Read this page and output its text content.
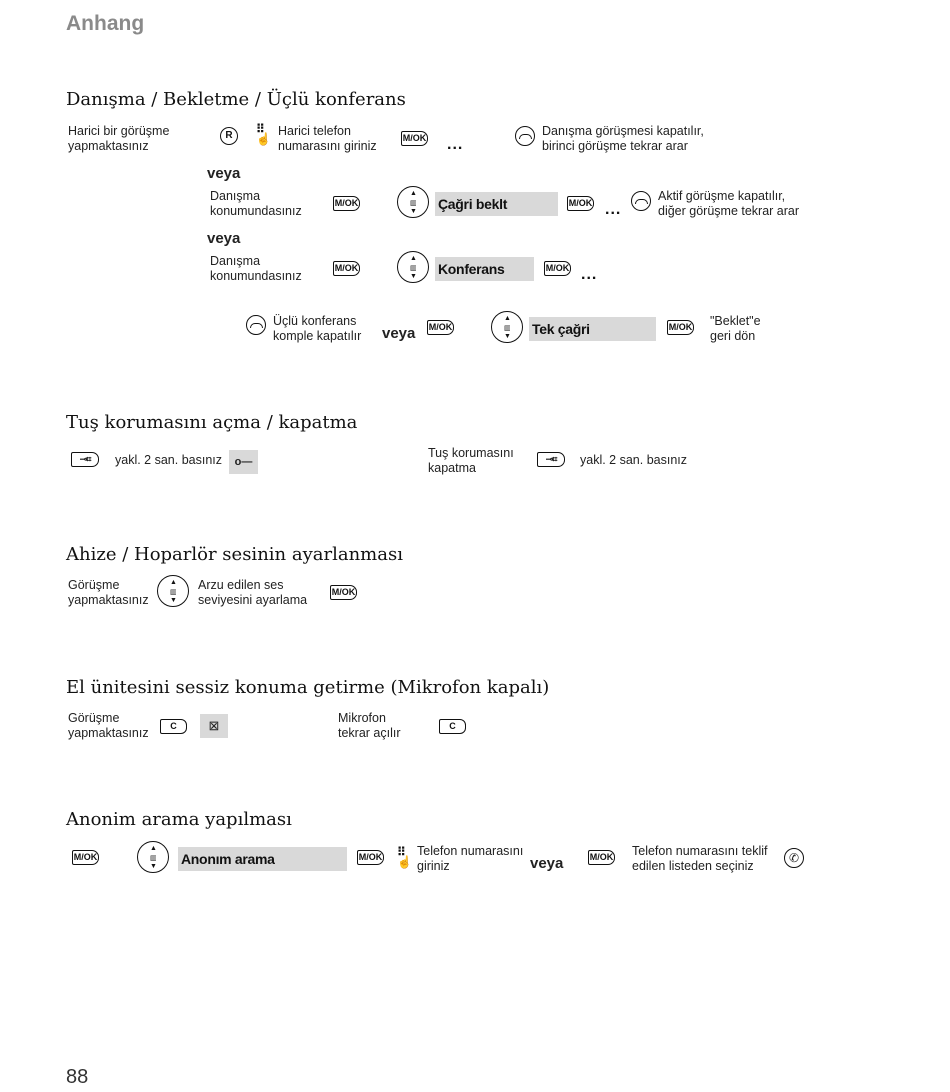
Anhang
Danışma / Bekletme / Üçlü konferans
Harici bir görüşme
yapmaktasınız
R	⠿
☝
Harici telefon
numarasını giriniz
M/OK ...
Danışma görüşmesi kapatılır,
birinci görüşme tekrar arar
veya
Danışma
konumundasınız
M/OK
▲
▥
▼ Çağri beklt	M/OK ...
Aktif görüşme kapatılır,
diğer görüşme tekrar arar
veya
Danışma
konumundasınız
M/OK
▲
▥
▼ Konferans	M/OK ...
Üçlü konferans
komple kapatılır veya M/OK
▲
▥
▼ Tek çağri	M/OK "Beklet"e
geri dön
Tuş korumasını açma / kapatma
⊸⌗	yakl. 2 san. basınız	o—
Tuş korumasını
kapatma
⊸⌗	yakl. 2 san. basınız
Ahize / Hoparlör sesinin ayarlanması
Görüşme
yapmaktasınız
▲
▥
▼
Arzu edilen ses
seviyesini ayarlama
M/OK
El ünitesini sessiz konuma getirme (Mikrofon kapalı)
Görüşme
yapmaktasınız	C	⊠	Mikrofon
tekrar açılır	C
Anonim arama yapılması
M/OK
▲
▥
▼ Anonım arama	M/OK ⠿
☝
Telefon numarasını
giriniz	veya	M/OK Telefon numarasını teklif
edilen listeden seçiniz
✆
88
